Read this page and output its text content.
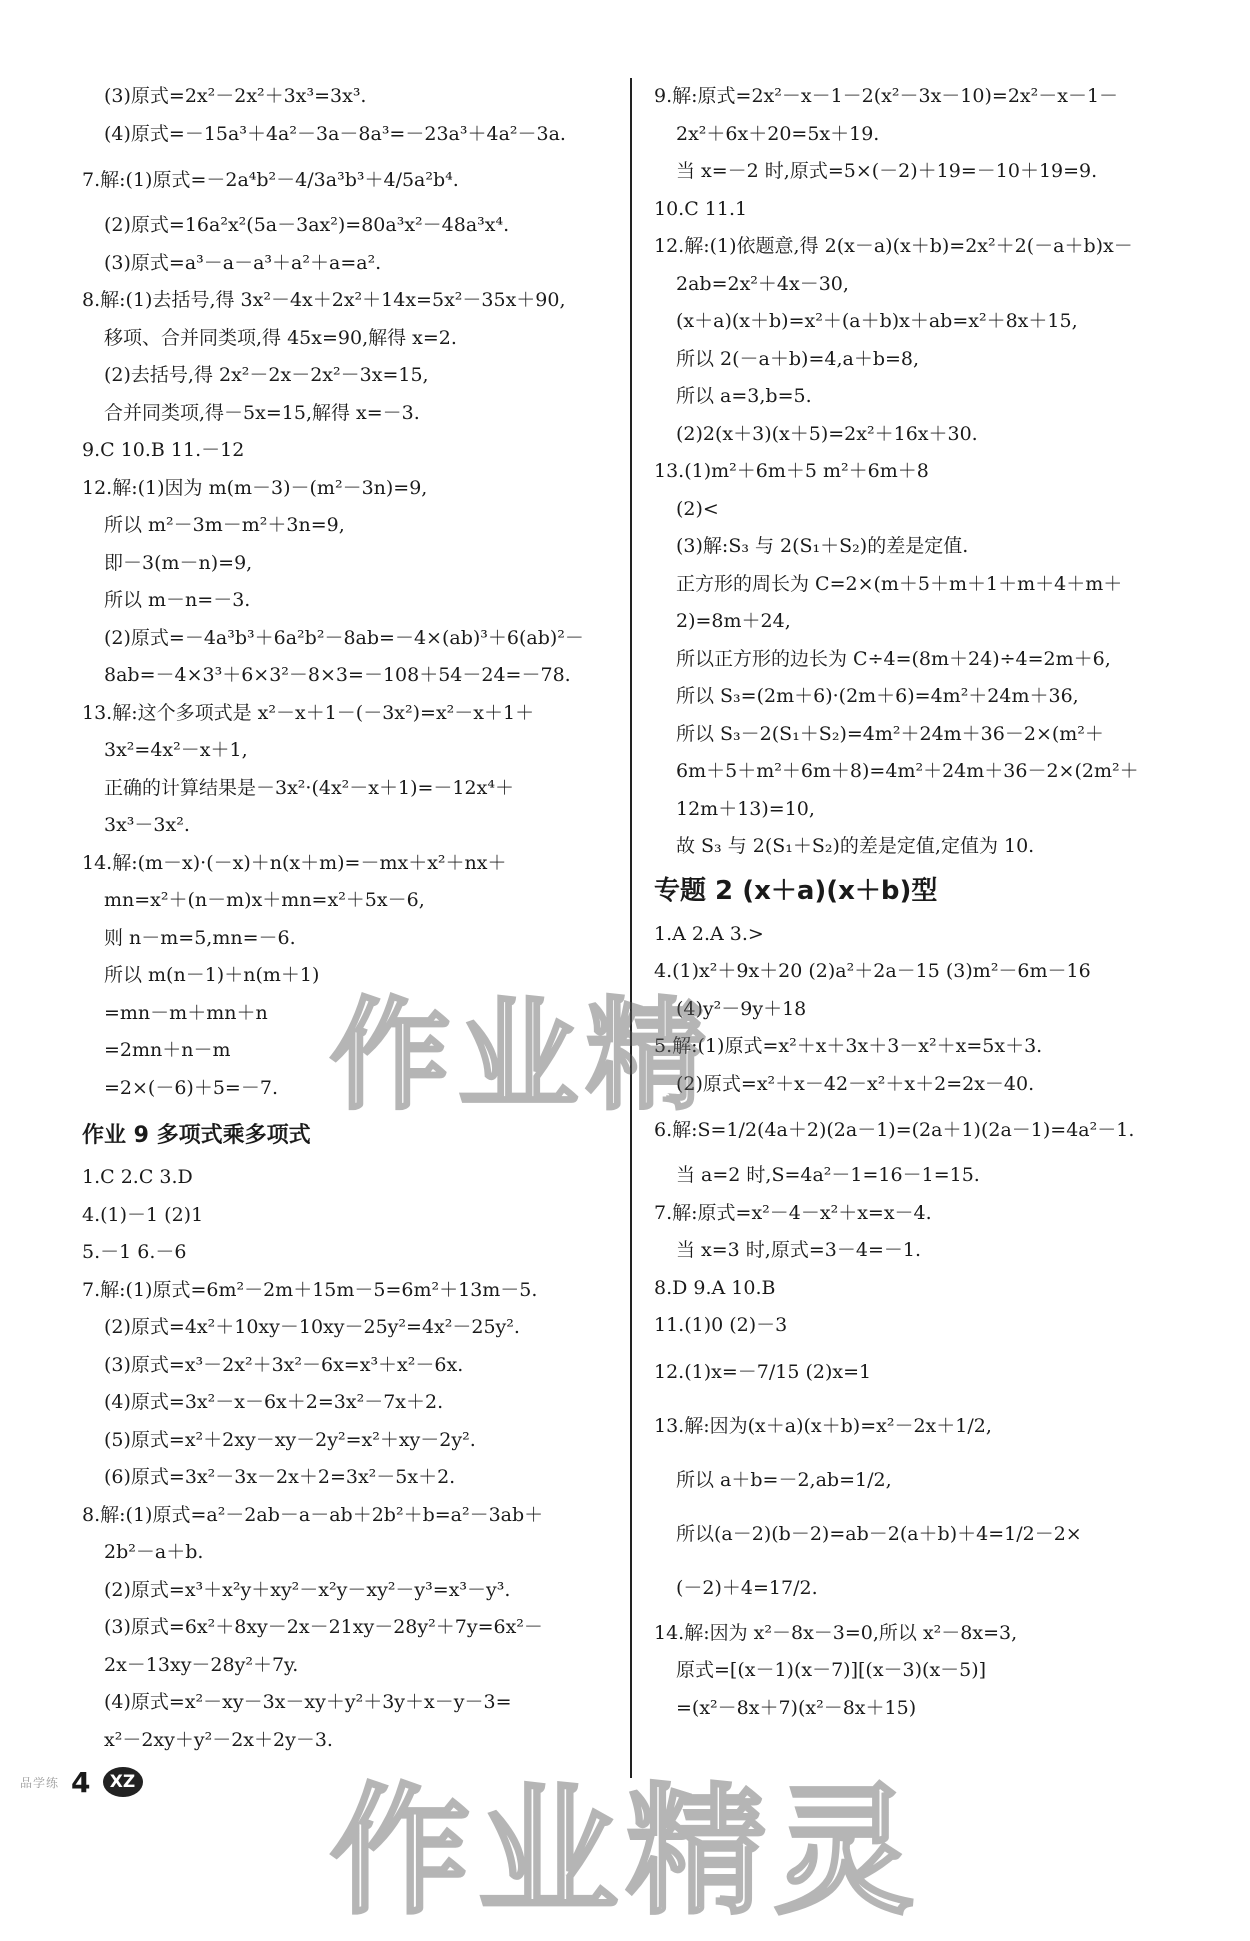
(3)原式=2x²－2x²＋3x³=3x³.
(4)原式=－15a³＋4a²－3a－8a³=－23a³＋4a²－3a.
7.解:(1)原式=－2a⁴b²－4/3a³b³＋4/5a²b⁴.
(2)原式=16a²x²(5a－3ax²)=80a³x²－48a³x⁴.
(3)原式=a³－a－a³＋a²＋a=a².
8.解:(1)去括号,得 3x²－4x＋2x²＋14x=5x²－35x＋90,
移项、合并同类项,得 45x=90,解得 x=2.
(2)去括号,得 2x²－2x－2x²－3x=15,
合并同类项,得－5x=15,解得 x=－3.
9.C 10.B 11.－12
12.解:(1)因为 m(m－3)－(m²－3n)=9,
所以 m²－3m－m²＋3n=9,
即－3(m－n)=9,
所以 m－n=－3.
(2)原式=－4a³b³＋6a²b²－8ab=－4×(ab)³＋6(ab)²－
8ab=－4×3³＋6×3²－8×3=－108＋54－24=－78.
13.解:这个多项式是 x²－x＋1－(－3x²)=x²－x＋1＋
3x²=4x²－x＋1,
正确的计算结果是－3x²·(4x²－x＋1)=－12x⁴＋
3x³－3x².
14.解:(m－x)·(－x)＋n(x＋m)=－mx＋x²＋nx＋
mn=x²＋(n－m)x＋mn=x²＋5x－6,
则 n－m=5,mn=－6.
所以 m(n－1)＋n(m＋1)
=mn－m＋mn＋n
=2mn＋n－m
=2×(－6)＋5=－7.
作业 9 多项式乘多项式
1.C 2.C 3.D
4.(1)－1 (2)1
5.－1 6.－6
7.解:(1)原式=6m²－2m＋15m－5=6m²＋13m－5.
(2)原式=4x²＋10xy－10xy－25y²=4x²－25y².
(3)原式=x³－2x²＋3x²－6x=x³＋x²－6x.
(4)原式=3x²－x－6x＋2=3x²－7x＋2.
(5)原式=x²＋2xy－xy－2y²=x²＋xy－2y².
(6)原式=3x²－3x－2x＋2=3x²－5x＋2.
8.解:(1)原式=a²－2ab－a－ab＋2b²＋b=a²－3ab＋
2b²－a＋b.
(2)原式=x³＋x²y＋xy²－x²y－xy²－y³=x³－y³.
(3)原式=6x²＋8xy－2x－21xy－28y²＋7y=6x²－
2x－13xy－28y²＋7y.
(4)原式=x²－xy－3x－xy＋y²＋3y＋x－y－3=
x²－2xy＋y²－2x＋2y－3.
9.解:原式=2x²－x－1－2(x²－3x－10)=2x²－x－1－
2x²＋6x＋20=5x＋19.
当 x=－2 时,原式=5×(－2)＋19=－10＋19=9.
10.C 11.1
12.解:(1)依题意,得 2(x－a)(x＋b)=2x²＋2(－a＋b)x－
2ab=2x²＋4x－30,
(x＋a)(x＋b)=x²＋(a＋b)x＋ab=x²＋8x＋15,
所以 2(－a＋b)=4,a＋b=8,
所以 a=3,b=5.
(2)2(x＋3)(x＋5)=2x²＋16x＋30.
13.(1)m²＋6m＋5 m²＋6m＋8
(2)<
(3)解:S₃ 与 2(S₁＋S₂)的差是定值.
正方形的周长为 C=2×(m＋5＋m＋1＋m＋4＋m＋
2)=8m＋24,
所以正方形的边长为 C÷4=(8m＋24)÷4=2m＋6,
所以 S₃=(2m＋6)·(2m＋6)=4m²＋24m＋36,
所以 S₃－2(S₁＋S₂)=4m²＋24m＋36－2×(m²＋
6m＋5＋m²＋6m＋8)=4m²＋24m＋36－2×(2m²＋
12m＋13)=10,
故 S₃ 与 2(S₁＋S₂)的差是定值,定值为 10.
专题 2 (x＋a)(x＋b)型
1.A 2.A 3.>
4.(1)x²＋9x＋20 (2)a²＋2a－15 (3)m²－6m－16
(4)y²－9y＋18
5.解:(1)原式=x²＋x＋3x＋3－x²＋x=5x＋3.
(2)原式=x²＋x－42－x²＋x＋2=2x－40.
6.解:S=1/2(4a＋2)(2a－1)=(2a＋1)(2a－1)=4a²－1.
当 a=2 时,S=4a²－1=16－1=15.
7.解:原式=x²－4－x²＋x=x－4.
当 x=3 时,原式=3－4=－1.
8.D 9.A 10.B
11.(1)0 (2)－3
12.(1)x=－7/15 (2)x=1
13.解:因为(x＋a)(x＋b)=x²－2x＋1/2,
所以 a＋b=－2,ab=1/2,
所以(a－2)(b－2)=ab－2(a＋b)＋4=1/2－2×
(－2)＋4=17/2.
14.解:因为 x²－8x－3=0,所以 x²－8x=3,
原式=[(x－1)(x－7)][(x－3)(x－5)]
=(x²－8x＋7)(x²－8x＋15)
作业精
作业精灵
品学练 4	XZ
